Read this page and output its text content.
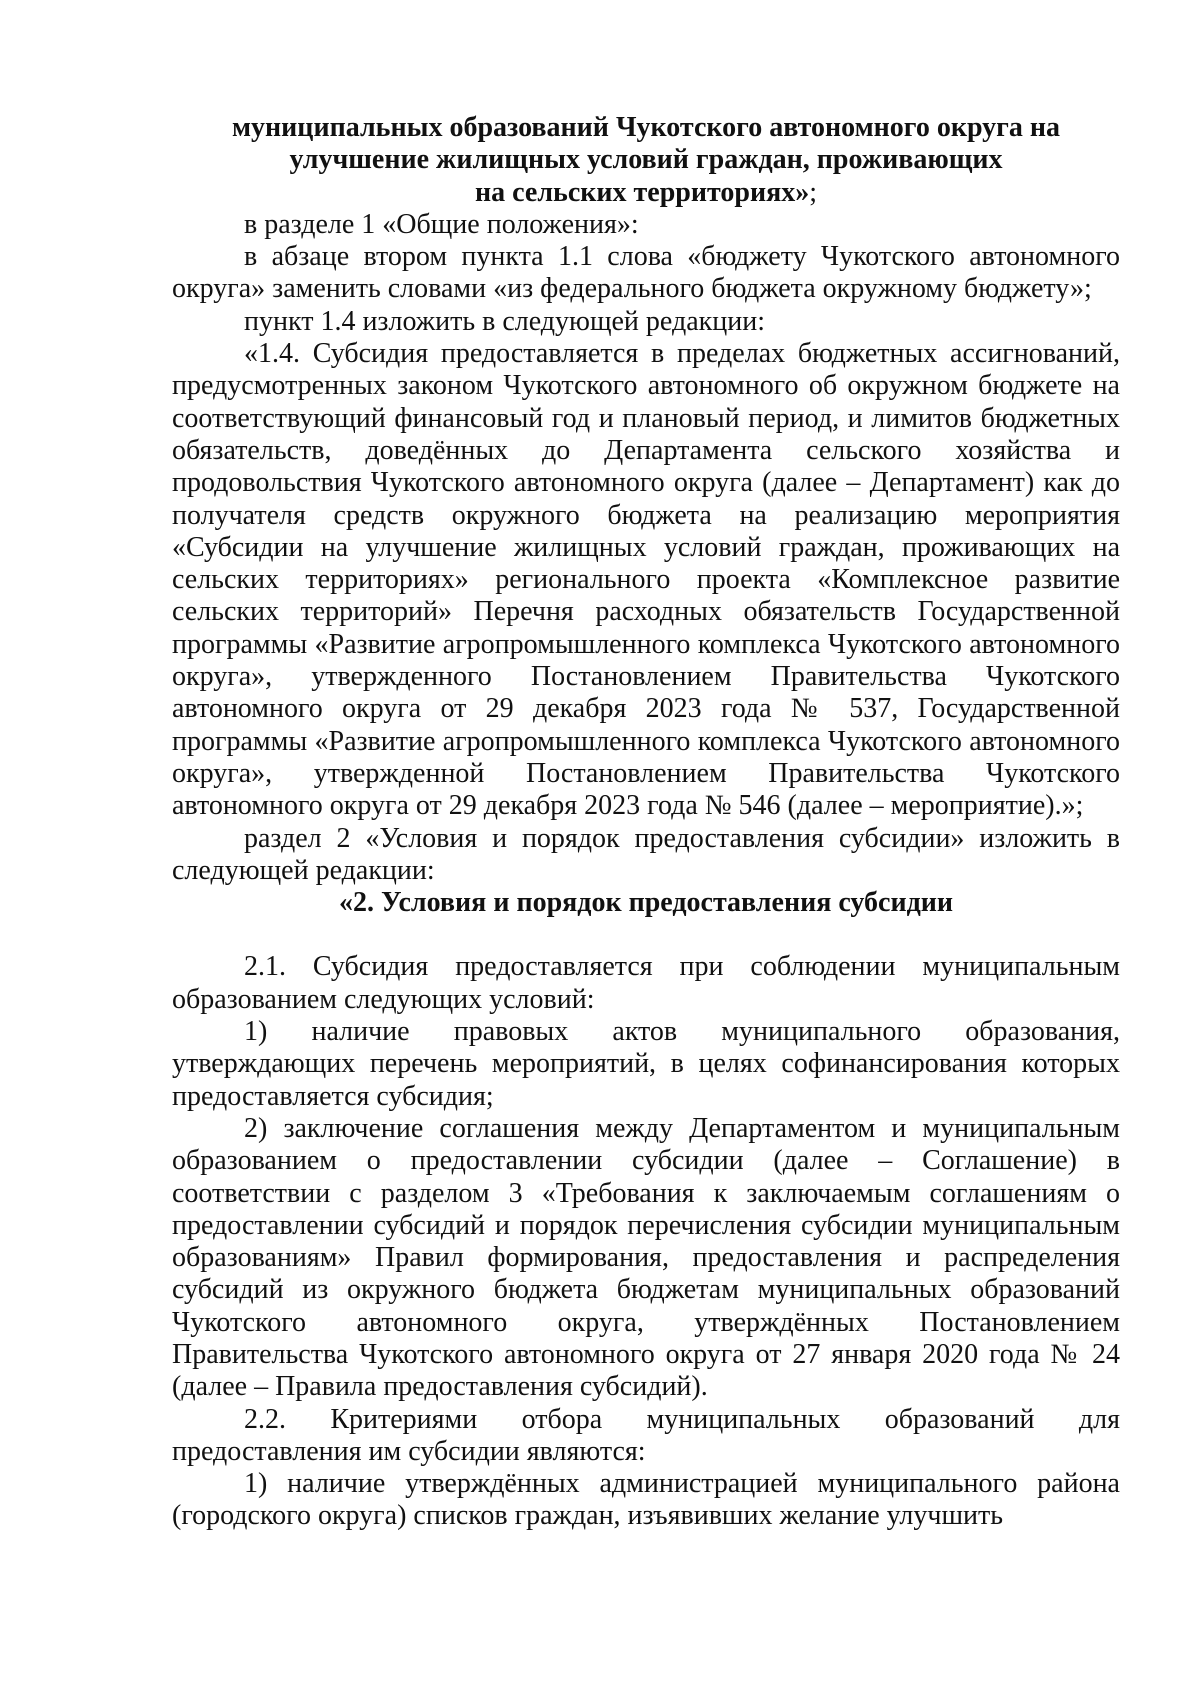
муниципальных образований Чукотского автономного округа на
улучшение жилищных условий граждан, проживающих
на сельских территориях»;

в разделе 1 «Общие положения»:

в абзаце втором пункта 1.1 слова «бюджету Чукотского автономного округа» заменить словами «из федерального бюджета окружному бюджету»;

пункт 1.4 изложить в следующей редакции:

«1.4. Субсидия предоставляется в пределах бюджетных ассигнований, предусмотренных законом Чукотского автономного об окружном бюджете на соответствующий финансовый год и плановый период, и лимитов бюджетных обязательств, доведённых до Департамента сельского хозяйства и продовольствия Чукотского автономного округа (далее – Департамент) как до получателя средств окружного бюджета на реализацию мероприятия «Субсидии на улучшение жилищных условий граждан, проживающих на сельских территориях» регионального проекта «Комплексное развитие сельских территорий» Перечня расходных обязательств Государственной программы «Развитие агропромышленного комплекса Чукотского автономного округа», утвержденного Постановлением Правительства Чукотского автономного округа от 29 декабря 2023 года № 537, Государственной программы «Развитие агропромышленного комплекса Чукотского автономного округа», утвержденной Постановлением Правительства Чукотского автономного округа от 29 декабря 2023 года № 546 (далее – мероприятие).»;

раздел 2 «Условия и порядок предоставления субсидии» изложить в следующей редакции:

«2. Условия и порядок предоставления субсидии

2.1. Субсидия предоставляется при соблюдении муниципальным образованием следующих условий:

1) наличие правовых актов муниципального образования, утверждающих перечень мероприятий, в целях софинансирования которых предоставляется субсидия;

2) заключение соглашения между Департаментом и муниципальным образованием о предоставлении субсидии (далее – Соглашение) в соответствии с разделом 3 «Требования к заключаемым соглашениям о предоставлении субсидий и порядок перечисления субсидии муниципальным образованиям» Правил формирования, предоставления и распределения субсидий из окружного бюджета бюджетам муниципальных образований Чукотского автономного округа, утверждённых Постановлением Правительства Чукотского автономного округа от 27 января 2020 года № 24 (далее – Правила предоставления субсидий).

2.2. Критериями отбора муниципальных образований для предоставления им субсидии являются:

1) наличие утверждённых администрацией муниципального района (городского округа) списков граждан, изъявивших желание улучшить
